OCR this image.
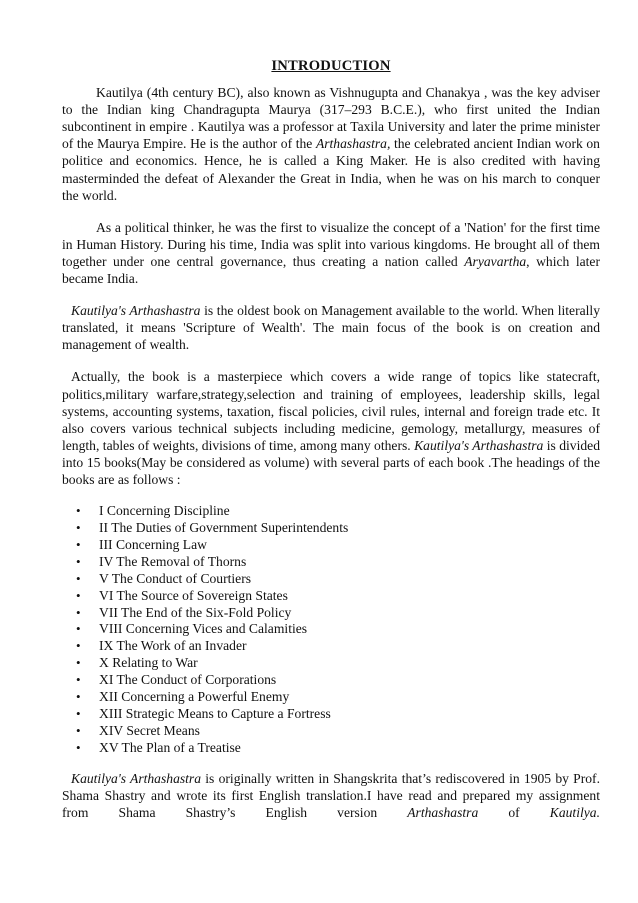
INTRODUCTION

Kautilya (4th century BC), also known as Vishnugupta and Chanakya , was the key adviser to the Indian king Chandragupta Maurya (317–293 B.C.E.), who first united the Indian subcontinent in empire . Kautilya was a professor at Taxila University and later the prime minister of the Maurya Empire. He is the author of the Arthashastra, the celebrated ancient Indian work on politice and economics. Hence, he is called a King Maker. He is also credited with having masterminded the defeat of Alexander the Great in India, when he was on his march to conquer the world.

As a political thinker, he was the first to visualize the concept of a 'Nation' for the first time in Human History. During his time, India was split into various kingdoms. He brought all of them together under one central governance, thus creating a nation called Aryavartha, which later became India.

Kautilya's Arthashastra is the oldest book on Management available to the world. When literally translated, it means 'Scripture of Wealth'. The main focus of the book is on creation and management of wealth.

Actually, the book is a masterpiece which covers a wide range of topics like statecraft, politics,military warfare,strategy,selection and training of employees, leadership skills, legal systems, accounting systems, taxation, fiscal policies, civil rules, internal and foreign trade etc. It also covers various technical subjects including medicine, gemology, metallurgy, measures of length, tables of weights, divisions of time, among many others. Kautilya's Arthashastra is divided into 15 books(May be considered as volume) with several parts of each book .The headings of the books are as follows :

• I Concerning Discipline
• II The Duties of Government Superintendents
• III Concerning Law
• IV The Removal of Thorns
• V The Conduct of Courtiers
• VI The Source of Sovereign States
• VII The End of the Six-Fold Policy
• VIII Concerning Vices and Calamities
• IX The Work of an Invader
• X Relating to War
• XI The Conduct of Corporations
• XII Concerning a Powerful Enemy
• XIII Strategic Means to Capture a Fortress
• XIV Secret Means
• XV The Plan of a Treatise

Kautilya's Arthashastra is originally written in Shangskrita that’s rediscovered in 1905 by Prof. Shama Shastry and wrote its first English translation.I have read and prepared my assignment from Shama Shastry’s English version Arthashastra of Kautilya.
